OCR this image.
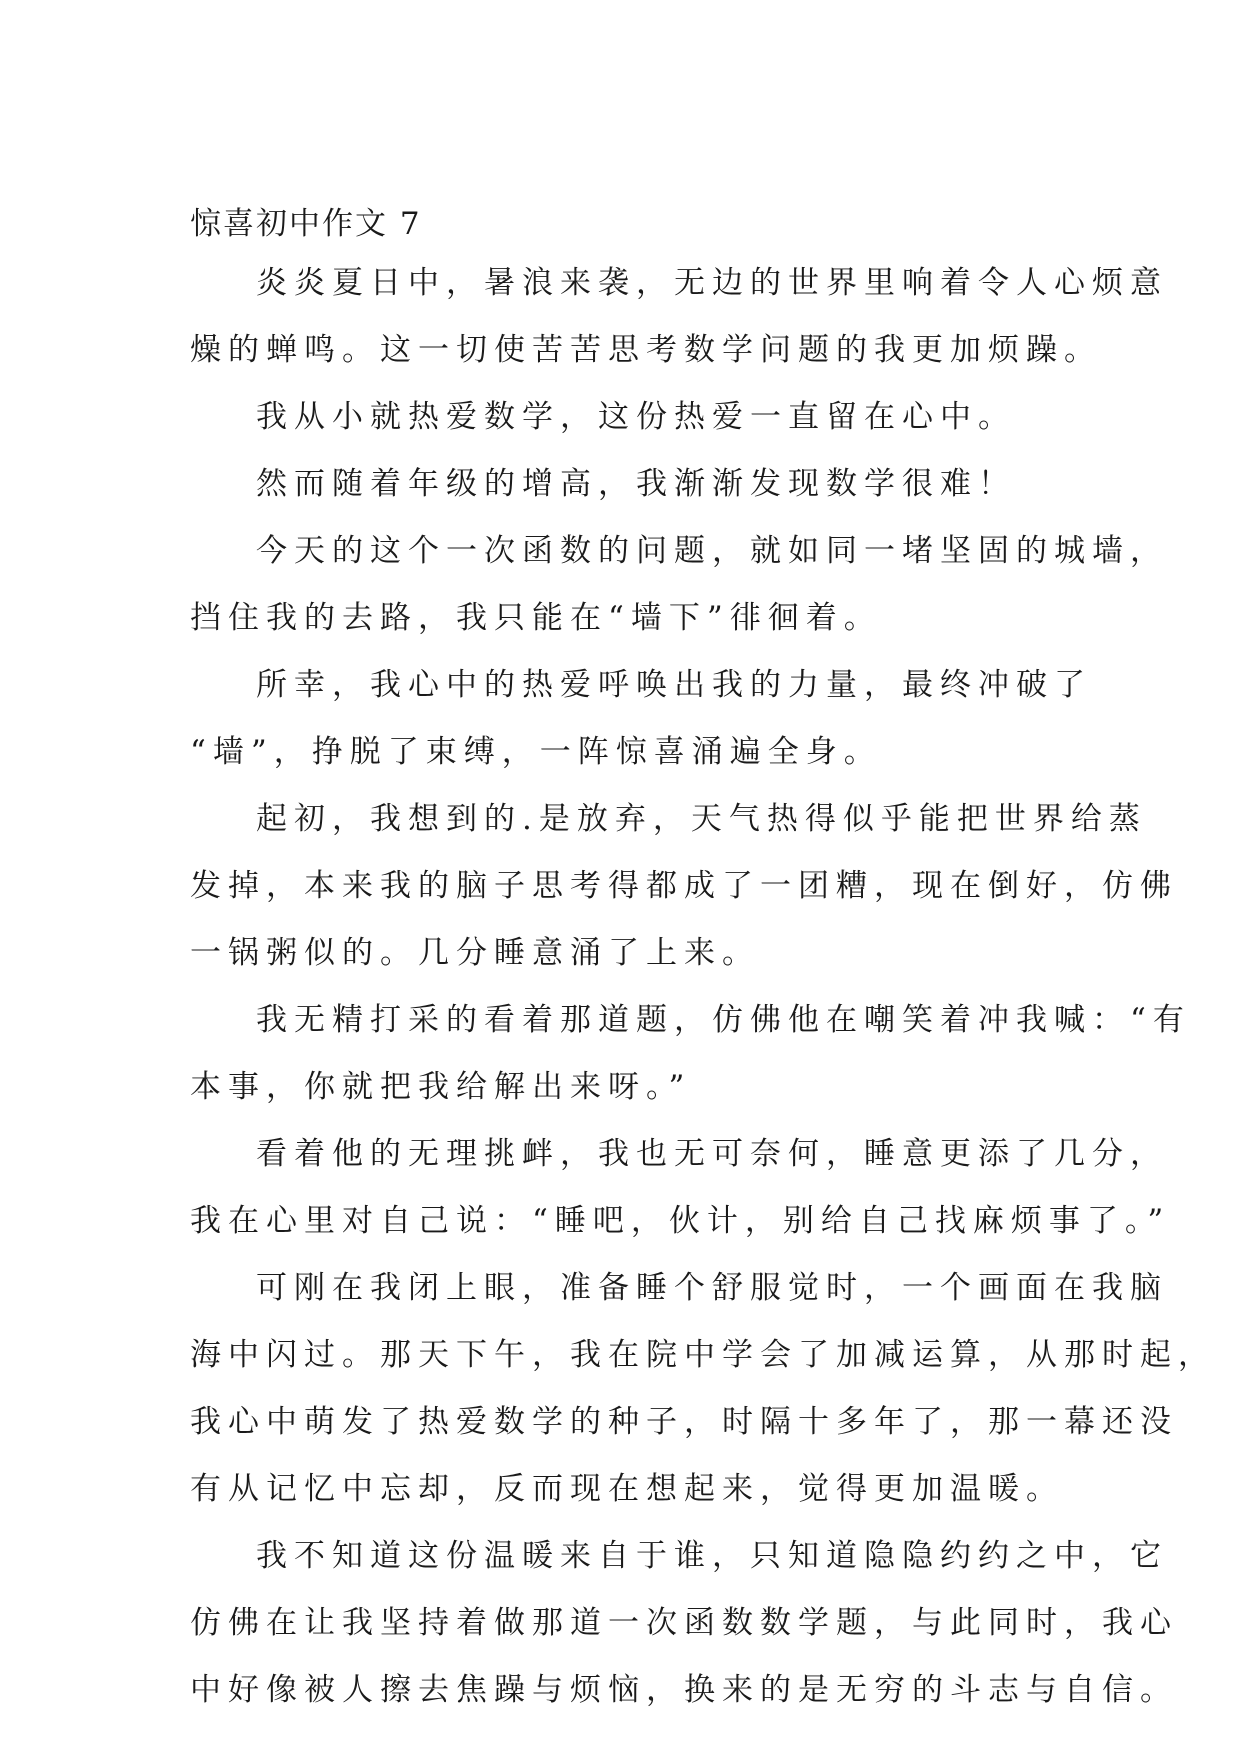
惊喜初中作文 7
炎炎夏日中，暑浪来袭，无边的世界里响着令人心烦意
燥的蝉鸣。这一切使苦苦思考数学问题的我更加烦躁。
我从小就热爱数学，这份热爱一直留在心中。
然而随着年级的增高，我渐渐发现数学很难！
今天的这个一次函数的问题，就如同一堵坚固的城墙，
挡住我的去路，我只能在“墙下”徘徊着。
所幸，我心中的热爱呼唤出我的力量，最终冲破了
“墙”，挣脱了束缚，一阵惊喜涌遍全身。
起初，我想到的.是放弃，天气热得似乎能把世界给蒸
发掉，本来我的脑子思考得都成了一团糟，现在倒好，仿佛
一锅粥似的。几分睡意涌了上来。
我无精打采的看着那道题，仿佛他在嘲笑着冲我喊：“有
本事，你就把我给解出来呀。”
看着他的无理挑衅，我也无可奈何，睡意更添了几分，
我在心里对自己说：“睡吧，伙计，别给自己找麻烦事了。”
可刚在我闭上眼，准备睡个舒服觉时，一个画面在我脑
海中闪过。那天下午，我在院中学会了加减运算，从那时起，
我心中萌发了热爱数学的种子，时隔十多年了，那一幕还没
有从记忆中忘却，反而现在想起来，觉得更加温暖。
我不知道这份温暖来自于谁，只知道隐隐约约之中，它
仿佛在让我坚持着做那道一次函数数学题，与此同时，我心
中好像被人擦去焦躁与烦恼，换来的是无穷的斗志与自信。
